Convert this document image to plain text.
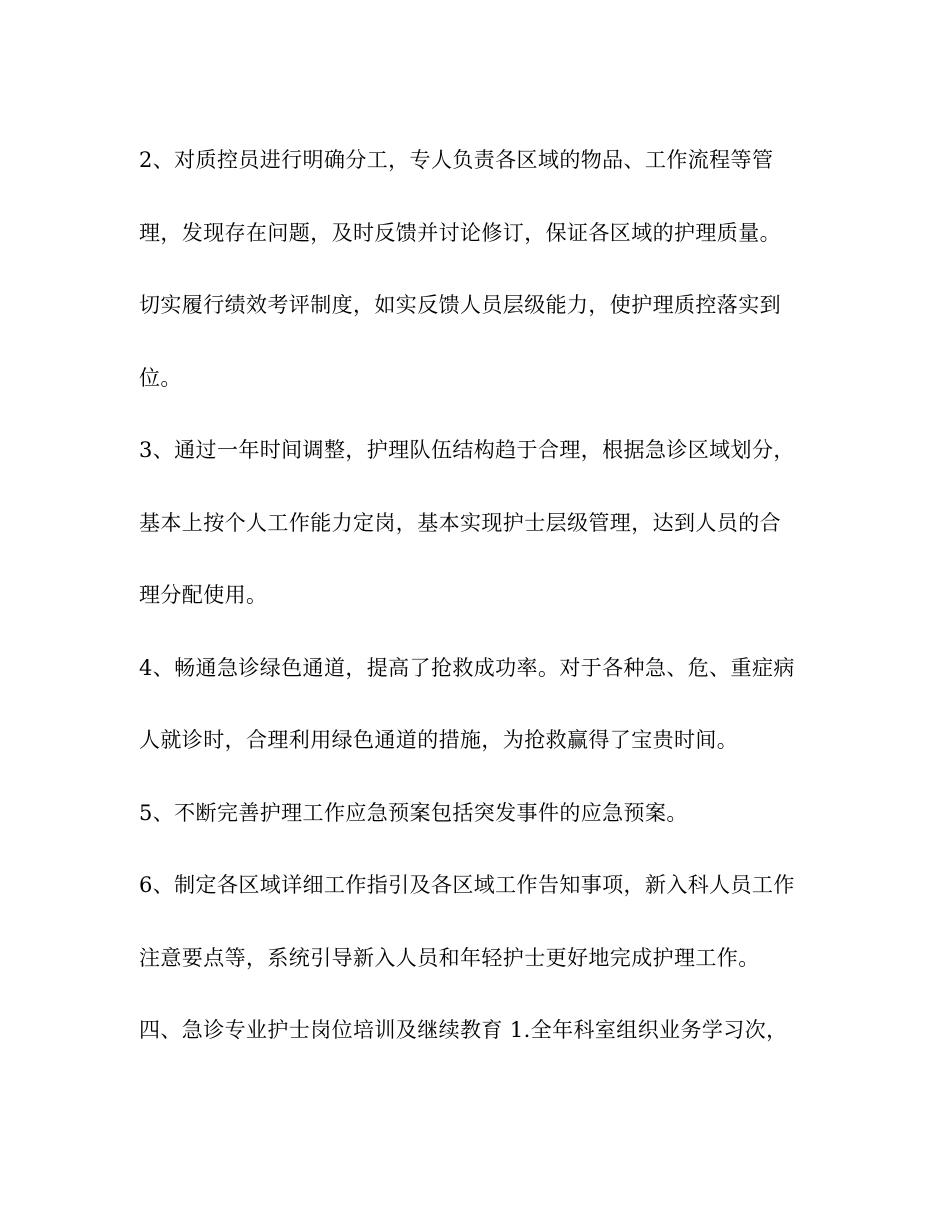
2、对质控员进行明确分工，专人负责各区域的物品、工作流程等管
理，发现存在问题，及时反馈并讨论修订，保证各区域的护理质量。
切实履行绩效考评制度，如实反馈人员层级能力，使护理质控落实到
位。
3、通过一年时间调整，护理队伍结构趋于合理，根据急诊区域划分，
基本上按个人工作能力定岗，基本实现护士层级管理，达到人员的合
理分配使用。
4、畅通急诊绿色通道，提高了抢救成功率。对于各种急、危、重症病
人就诊时，合理利用绿色通道的措施，为抢救赢得了宝贵时间。
5、不断完善护理工作应急预案包括突发事件的应急预案。
6、制定各区域详细工作指引及各区域工作告知事项，新入科人员工作
注意要点等，系统引导新入人员和年轻护士更好地完成护理工作。
四、急诊专业护士岗位培训及继续教育 1.全年科室组织业务学习次，
